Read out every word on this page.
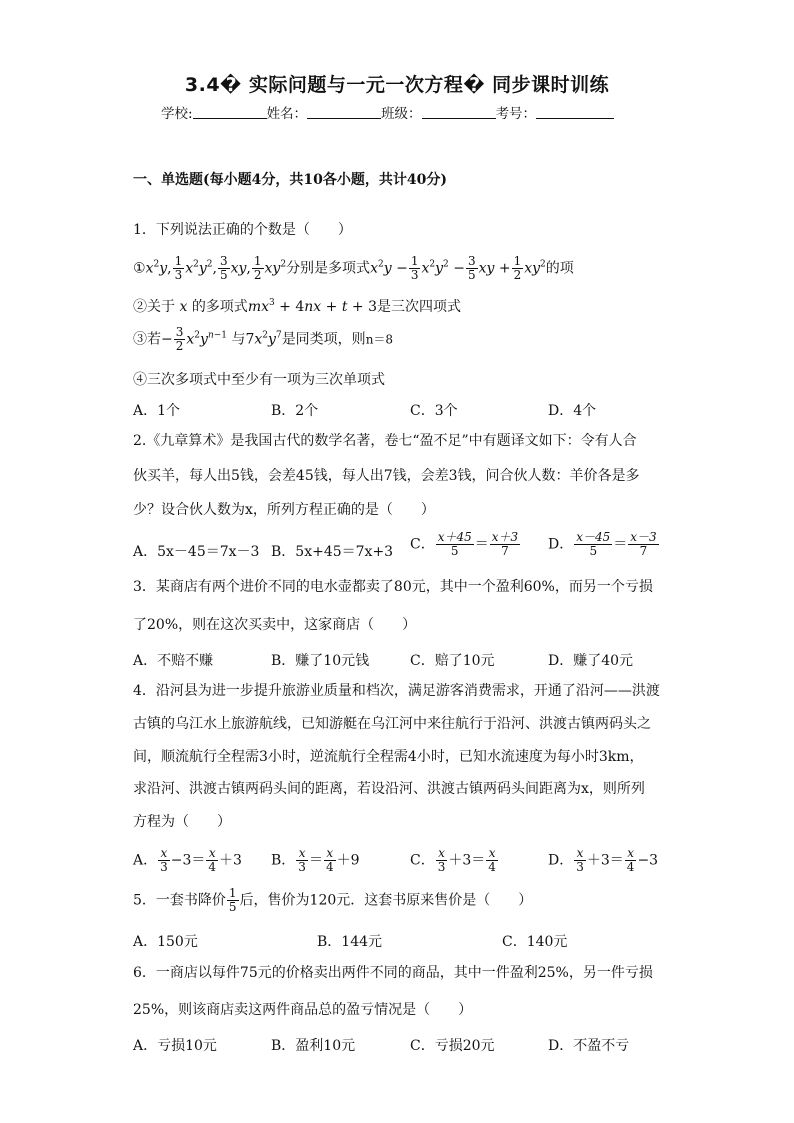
3.4� 实际问题与一元一次方程� 同步课时训练
学校:	姓名：	班级：	考号：
一、单选题(每小题4分，共10各小题，共计40分)
1．下列说法正确的个数是（　　）
$①x^2y$, $\frac{1}{3} x^2y^2$, $\frac{3}{5}$ xy, $\frac{1}{2} xy^2$分别是多项式$x^2y - \frac{1}{3} x^2y^2 - \frac{3}{5}$ xy + $\frac{1}{2} xy^2$的项
②关于 x 的多项式$mx^3 + 4nx + t + 3$是三次四项式
③若− $\frac{3}{2} x^2y^{n-1}$ 与$7x^2y^7$是同类项，则n＝8
④三次多项式中至少有一项为三次单项式
A．1个	B．2个	C．3个	D．4个
2.《九章算术》是我国古代的数学名著，卷七“盈不足”中有题译文如下：令有人合
伙买羊，每人出5钱，会差45钱，每人出7钱，会差3钱，问合伙人数：羊价各是多
少？设合伙人数为x，所列方程正确的是（　　）
A．5x－45＝7x－3 B．5x+45＝7x+3 C． $\frac{x+45}{5} = \frac{x+3}{7}$ D． $\frac{x-45}{5} = \frac{x-3}{7}$
3．某商店有两个进价不同的电水壶都卖了80元，其中一个盈利60%，而另一个亏损
了20%，则在这次买卖中，这家商店（　　）
A．不赔不赚	B．赚了10元钱	C．赔了10元	D．赚了40元
4．沿河县为进一步提升旅游业质量和档次，满足游客消费需求，开通了沿河——洪渡
古镇的乌江水上旅游航线，已知游艇在乌江河中来往航行于沿河、洪渡古镇两码头之
间，顺流航行全程需3小时，逆流航行全程需4小时，已知水流速度为每小时3km，
求沿河、洪渡古镇两码头间的距离，若设沿河、洪渡古镇两码头间距离为x，则所列
方程为（　　）
A． $\frac{x}{3} -3= \frac{x}{4} +3$ B． $\frac{x}{3} = \frac{x}{4} +9$	C． $\frac{x}{3} +3= \frac{x}{4}$	D． $\frac{x}{3} +3= \frac{x}{4} -3$
5．一套书降价 $\frac{1}{5}$ 后，售价为120元．这套书原来售价是（　　）
A．150元	B．144元	C．140元
6．一商店以每件75元的价格卖出两件不同的商品，其中一件盈利25%，另一件亏损
25%，则该商店卖这两件商品总的盈亏情况是（　　）
A．亏损10元	B．盈利10元	C．亏损20元	D．不盈不亏
